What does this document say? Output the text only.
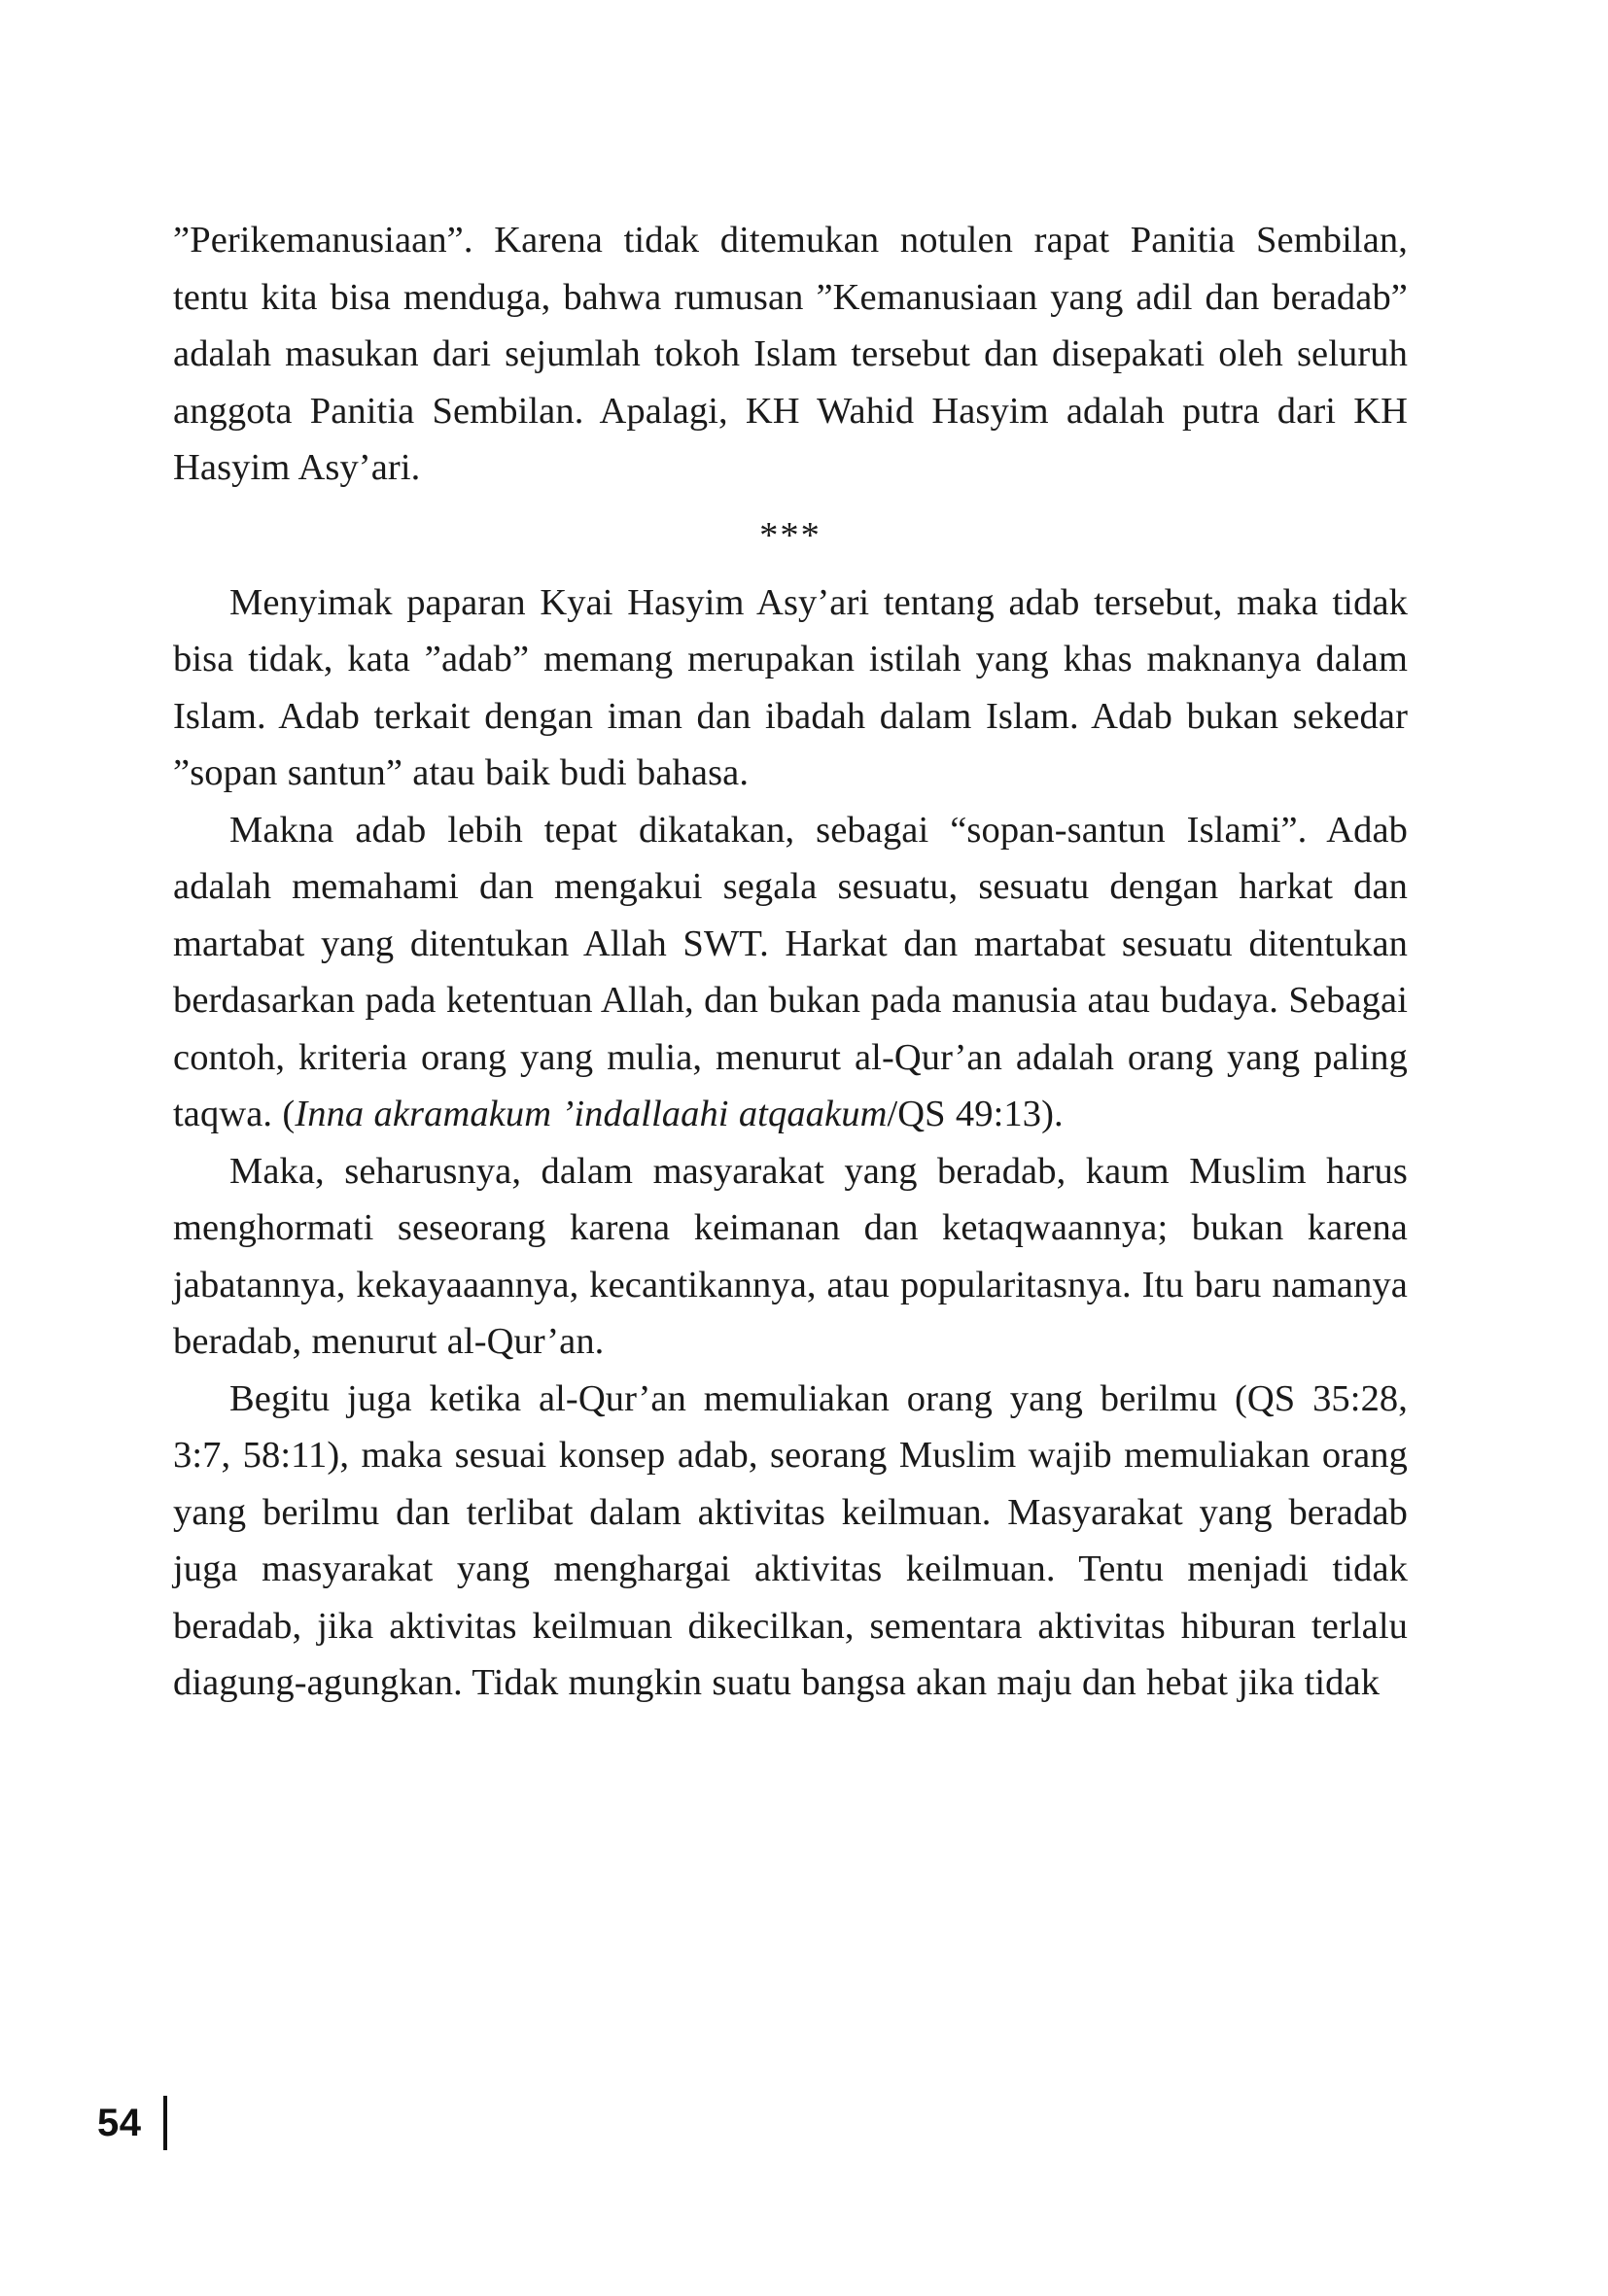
”Perikemanusiaan”. Karena tidak ditemukan notulen rapat Panitia Sembilan, tentu kita bisa menduga, bahwa rumusan ”Kemanusiaan yang adil dan beradab” adalah masukan dari sejumlah tokoh Islam tersebut dan disepakati oleh seluruh anggota Panitia Sembilan. Apalagi, KH Wahid Hasyim adalah putra dari KH Hasyim Asy’ari.

***

Menyimak paparan Kyai Hasyim Asy’ari tentang adab tersebut, maka tidak bisa tidak, kata ”adab” memang merupakan istilah yang khas maknanya dalam Islam. Adab terkait dengan iman dan ibadah dalam Islam. Adab bukan sekedar ”sopan santun” atau baik budi bahasa.

Makna adab lebih tepat dikatakan, sebagai “sopan-santun Islami”. Adab adalah memahami dan mengakui segala sesuatu, sesuatu dengan harkat dan martabat yang ditentukan Allah SWT. Harkat dan martabat sesuatu ditentukan berdasarkan pada ketentuan Allah, dan bukan pada manusia atau budaya. Sebagai contoh, kriteria orang yang mulia, menurut al-Qur’an adalah orang yang paling taqwa. (Inna akramakum ’indallaahi atqaakum/QS 49:13).

Maka, seharusnya, dalam masyarakat yang beradab, kaum Muslim harus menghormati seseorang karena keimanan dan ketaqwaannya; bukan karena jabatannya, kekayaaannya, kecantikannya, atau popularitasnya. Itu baru namanya beradab, menurut al-Qur’an.

Begitu juga ketika al-Qur’an memuliakan orang yang berilmu (QS 35:28, 3:7, 58:11), maka sesuai konsep adab, seorang Muslim wajib memuliakan orang yang berilmu dan terlibat dalam aktivitas keilmuan. Masyarakat yang beradab juga masyarakat yang menghargai aktivitas keilmuan. Tentu menjadi tidak beradab, jika aktivitas keilmuan dikecilkan, sementara aktivitas hiburan terlalu diagung-agungkan. Tidak mungkin suatu bangsa akan maju dan hebat jika tidak

54
